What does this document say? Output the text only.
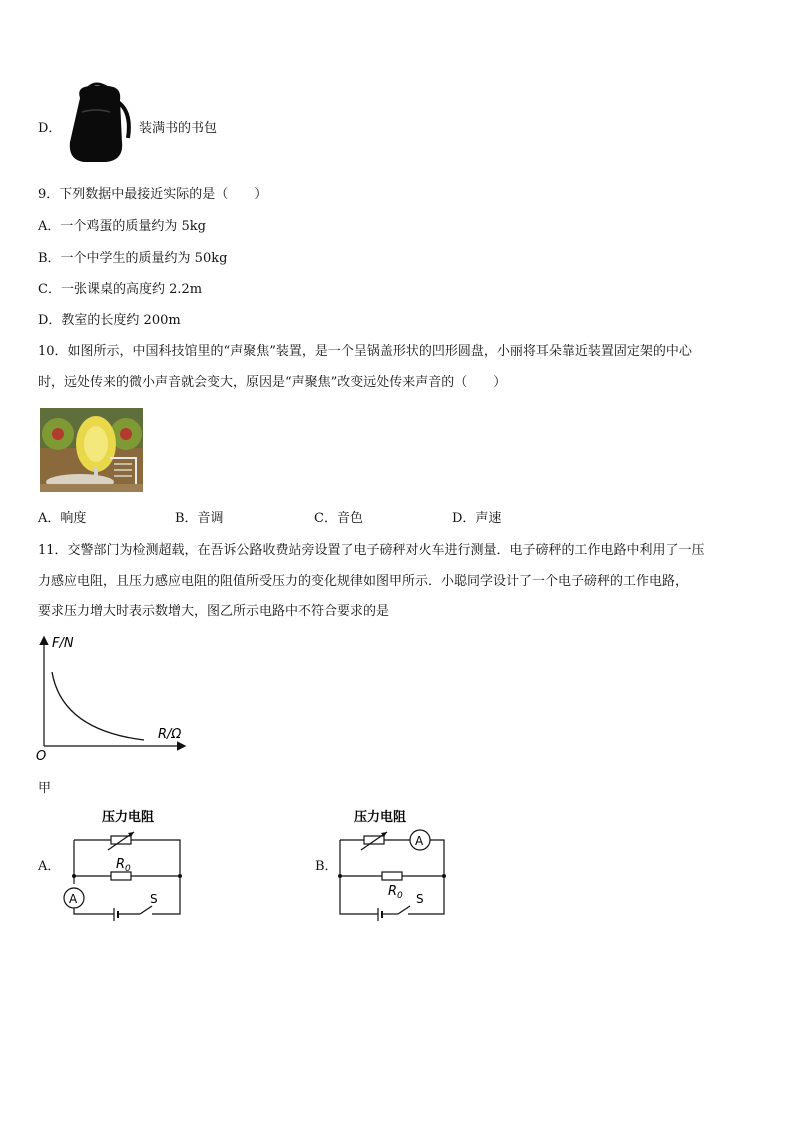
D．	装满书的书包
9．下列数据中最接近实际的是（　　）
A．一个鸡蛋的质量约为 5kg
B．一个中学生的质量约为 50kg
C．一张课桌的高度约 2.2m
D．教室的长度约 200m
10．如图所示，中国科技馆里的“声聚焦”装置，是一个呈锅盖形状的凹形圆盘，小丽将耳朵靠近装置固定架的中心
时，远处传来的微小声音就会变大，原因是“声聚焦”改变远处传来声音的（　　）
A．响度	B．音调	C．音色	D．声速
11．交警部门为检测超载，在吾诉公路收费站旁设置了电子磅秤对火车进行测量．电子磅秤的工作电路中利用了一压
力感应电阻，且压力感应电阻的阻值所受压力的变化规律如图甲所示．小聪同学设计了一个电子磅秤的工作电路，
要求压力增大时表示数增大，图乙所示电路中不符合要求的是
F/N
R/Ω
O
甲
A．
压力电阻
$R_0$
A	S
B．
压力电阻
A
$R_0$ S
